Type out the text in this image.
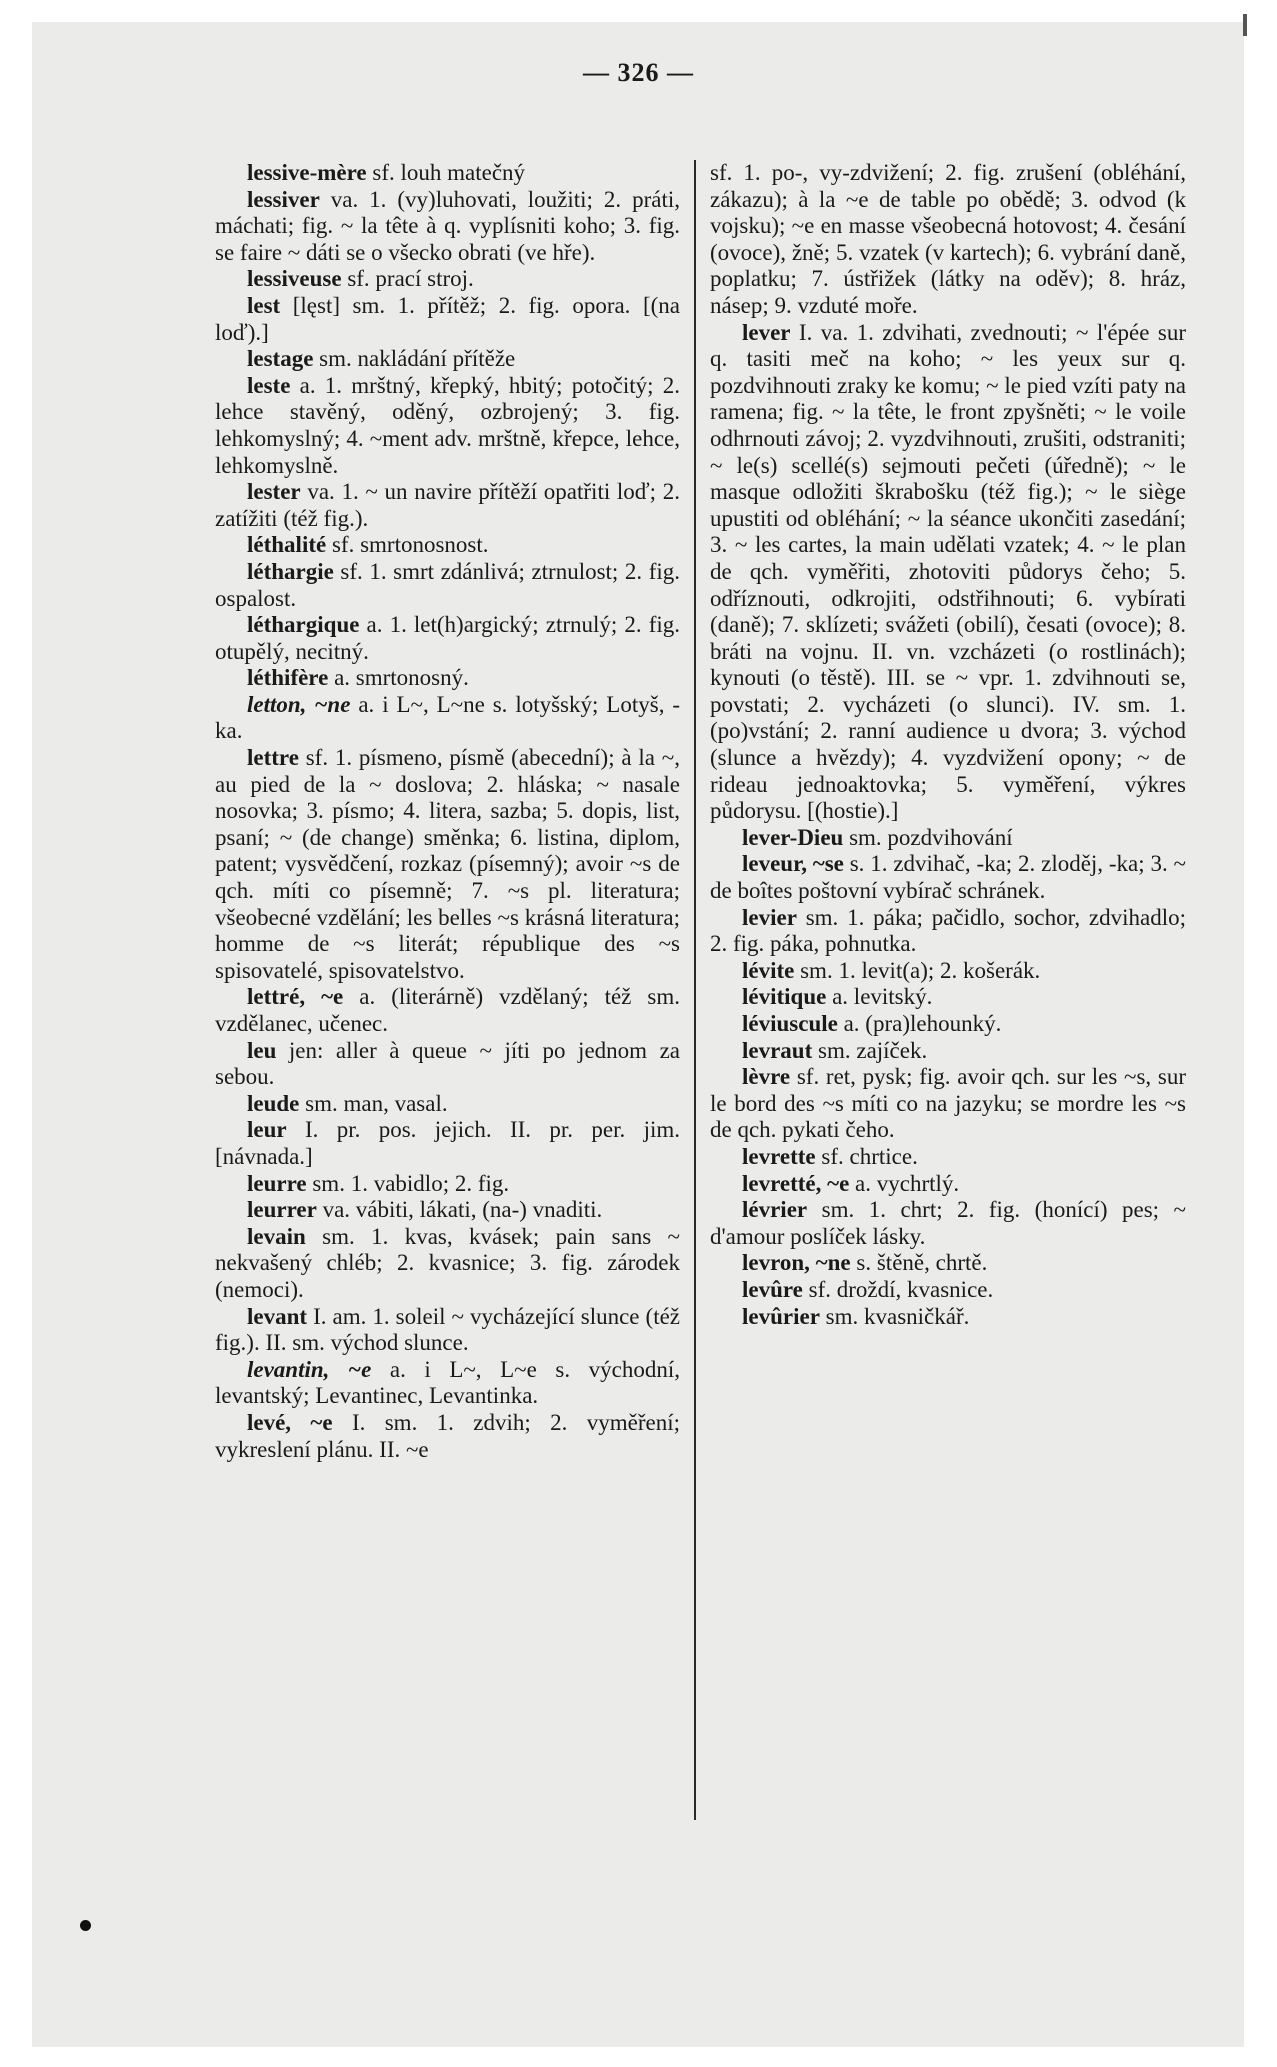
— 326 —

lessive-mère sf. louh matečný

lessiver va. 1. (vy)luhovati, loužiti; 2. práti, máchati; fig. ~ la tête à q. vyplísniti koho; 3. fig. se faire ~ dáti se o všecko obrati (ve hře).

lessiveuse sf. prací stroj.

lest [lęst] sm. 1. přítěž; 2. fig. opora. [(na loď).]

lestage sm. nakládání přítěže

leste a. 1. mrštný, křepký, hbitý; potočitý; 2. lehce stavěný, oděný, ozbrojený; 3. fig. lehkomyslný; 4. ~ment adv. mrštně, křepce, lehce, lehkomyslně.

lester va. 1. ~ un navire přítěží opatřiti loď; 2. zatížiti (též fig.).

léthalité sf. smrtonosnost.

léthargie sf. 1. smrt zdánlivá; ztrnulost; 2. fig. ospalost.

léthargique a. 1. let(h)argický; ztrnulý; 2. fig. otupělý, necitný.

léthifère a. smrtonosný.

letton, ~ne a. i L~, L~ne s. lotyšský; Lotyš, -ka.

lettre sf. 1. písmeno, písmě (abecední); à la ~, au pied de la ~ doslova; 2. hláska; ~ nasale nosovka; 3. písmo; 4. litera, sazba; 5. dopis, list, psaní; ~ (de change) směnka; 6. listina, diplom, patent; vysvědčení, rozkaz (písemný); avoir ~s de qch. míti co písemně; 7. ~s pl. literatura; všeobecné vzdělání; les belles ~s krásná literatura; homme de ~s literát; république des ~s spisovatelé, spisovatelstvo.

lettré, ~e a. (literárně) vzdělaný; též sm. vzdělanec, učenec.

leu jen: aller à queue ~ jíti po jednom za sebou.

leude sm. man, vasal.

leur I. pr. pos. jejich. II. pr. per. jim. [návnada.]

leurre sm. 1. vabidlo; 2. fig.

leurrer va. vábiti, lákati, (na-) vnaditi.

levain sm. 1. kvas, kvásek; pain sans ~ nekvašený chléb; 2. kvasnice; 3. fig. zárodek (nemoci).

levant I. am. 1. soleil ~ vycházející slunce (též fig.). II. sm. východ slunce.

levantin, ~e a. i L~, L~e s. východní, levantský; Levantinec, Levantinka.

levé, ~e I. sm. 1. zdvih; 2. vyměření; vykreslení plánu. II. ~e

sf. 1. po-, vy-zdvižení; 2. fig. zrušení (obléhání, zákazu); à la ~e de table po obědě; 3. odvod (k vojsku); ~e en masse všeobecná hotovost; 4. česání (ovoce), žně; 5. vzatek (v kartech); 6. vybrání daně, poplatku; 7. ústřižek (látky na oděv); 8. hráz, násep; 9. vzduté moře.

lever I. va. 1. zdvihati, zvednouti; ~ l'épée sur q. tasiti meč na koho; ~ les yeux sur q. pozdvihnouti zraky ke komu; ~ le pied vzíti paty na ramena; fig. ~ la tête, le front zpyšněti; ~ le voile odhrnouti závoj; 2. vyzdvihnouti, zrušiti, odstraniti; ~ le(s) scellé(s) sejmouti pečeti (úředně); ~ le masque odložiti škrabošku (též fig.); ~ le siège upustiti od obléhání; ~ la séance ukončiti zasedání; 3. ~ les cartes, la main udělati vzatek; 4. ~ le plan de qch. vyměřiti, zhotoviti půdorys čeho; 5. odříznouti, odkrojiti, odstřihnouti; 6. vybírati (daně); 7. sklízeti; svážeti (obilí), česati (ovoce); 8. bráti na vojnu. II. vn. vzcházeti (o rostlinách); kynouti (o těstě). III. se ~ vpr. 1. zdvihnouti se, povstati; 2. vycházeti (o slunci). IV. sm. 1. (po)vstání; 2. ranní audience u dvora; 3. východ (slunce a hvězdy); 4. vyzdvižení opony; ~ de rideau jednoaktovka; 5. vyměření, výkres půdorysu. [(hostie).]

lever-Dieu sm. pozdvihování

leveur, ~se s. 1. zdvihač, -ka; 2. zloděj, -ka; 3. ~ de boîtes poštovní vybírač schránek.

levier sm. 1. páka; pačidlo, sochor, zdvihadlo; 2. fig. páka, pohnutka.

lévite sm. 1. levit(a); 2. košerák.

lévitique a. levitský.

léviuscule a. (pra)lehounký.

levraut sm. zajíček.

lèvre sf. ret, pysk; fig. avoir qch. sur les ~s, sur le bord des ~s míti co na jazyku; se mordre les ~s de qch. pykati čeho.

levrette sf. chrtice.

levretté, ~e a. vychrtlý.

lévrier sm. 1. chrt; 2. fig. (honící) pes; ~ d'amour poslíček lásky.

levron, ~ne s. štěně, chrtě.

levûre sf. droždí, kvasnice.

levûrier sm. kvasničkář.
